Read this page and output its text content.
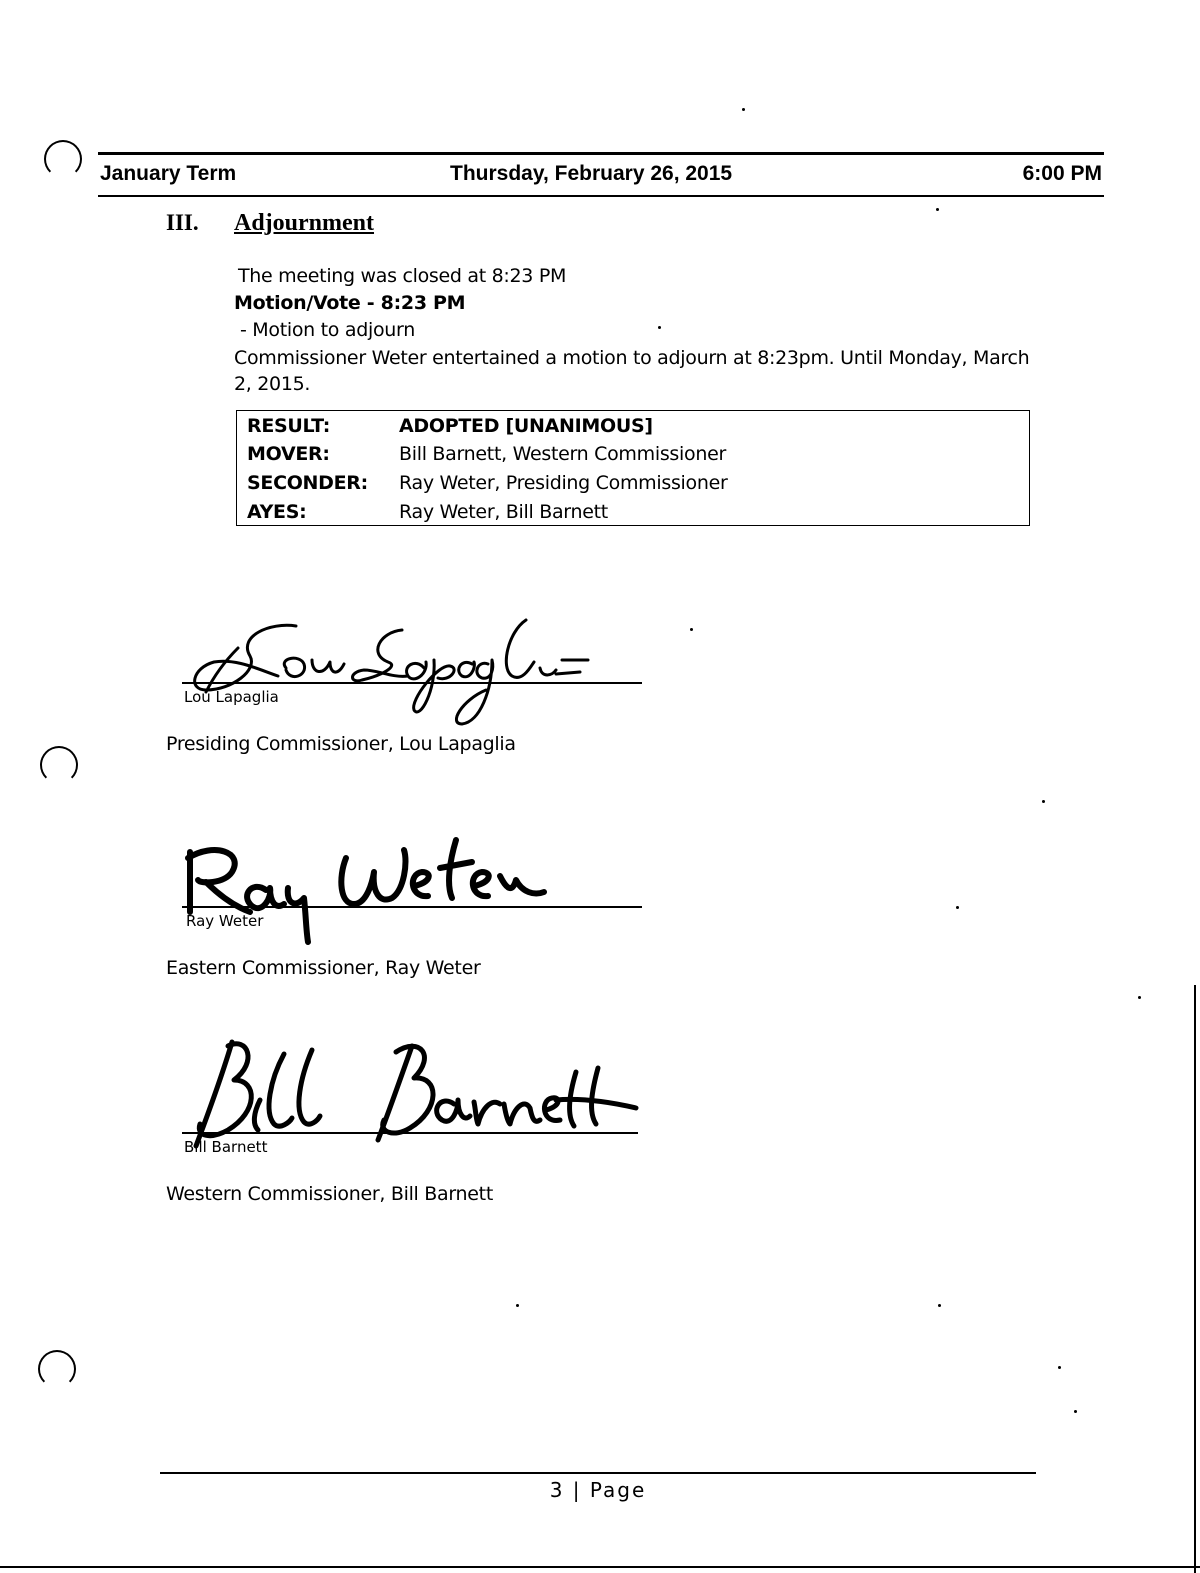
January Term	Thursday, February 26, 2015	6:00 PM
III. Adjournment
The meeting was closed at 8:23 PM
Motion/Vote - 8:23 PM
- Motion to adjourn
Commissioner Weter entertained a motion to adjourn at 8:23pm. Until Monday, March
2, 2015.
RESULT:	ADOPTED [UNANIMOUS]
MOVER:	Bill Barnett, Western Commissioner
SECONDER: Ray Weter, Presiding Commissioner
AYES:	Ray Weter, Bill Barnett
Lou Lapaglia
Presiding Commissioner, Lou Lapaglia
Ray Weter
Eastern Commissioner, Ray Weter
Bill Barnett
Western Commissioner, Bill Barnett
3 | Page
